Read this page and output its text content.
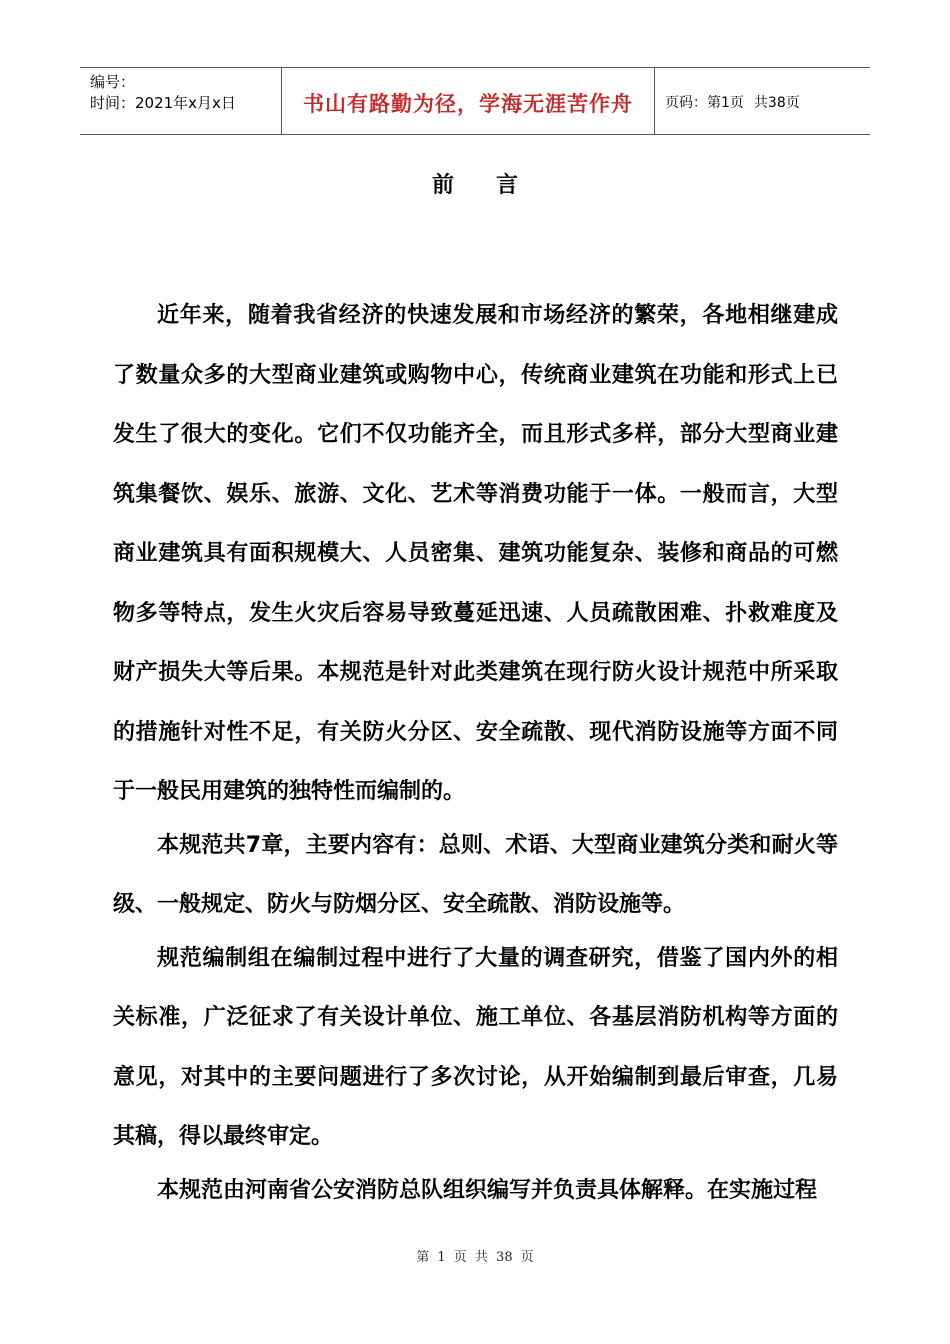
编号：
时间：2021年x月x日	书山有路勤为径，学海无涯苦作舟 页码：第1页 共38页
前言

近年来，随着我省经济的快速发展和市场经济的繁荣，各地相继建成了数量众多的大型商业建筑或购物中心，传统商业建筑在功能和形式上已发生了很大的变化。它们不仅功能齐全，而且形式多样，部分大型商业建筑集餐饮、娱乐、旅游、文化、艺术等消费功能于一体。一般而言，大型商业建筑具有面积规模大、人员密集、建筑功能复杂、装修和商品的可燃物多等特点，发生火灾后容易导致蔓延迅速、人员疏散困难、扑救难度及财产损失大等后果。本规范是针对此类建筑在现行防火设计规范中所采取的措施针对性不足，有关防火分区、安全疏散、现代消防设施等方面不同于一般民用建筑的独特性而编制的。

本规范共7章，主要内容有：总则、术语、大型商业建筑分类和耐火等级、一般规定、防火与防烟分区、安全疏散、消防设施等。

规范编制组在编制过程中进行了大量的调查研究，借鉴了国内外的相关标准，广泛征求了有关设计单位、施工单位、各基层消防机构等方面的意见，对其中的主要问题进行了多次讨论，从开始编制到最后审查，几易其稿，得以最终审定。

本规范由河南省公安消防总队组织编写并负责具体解释。在实施过程

第 1 页 共 38 页
